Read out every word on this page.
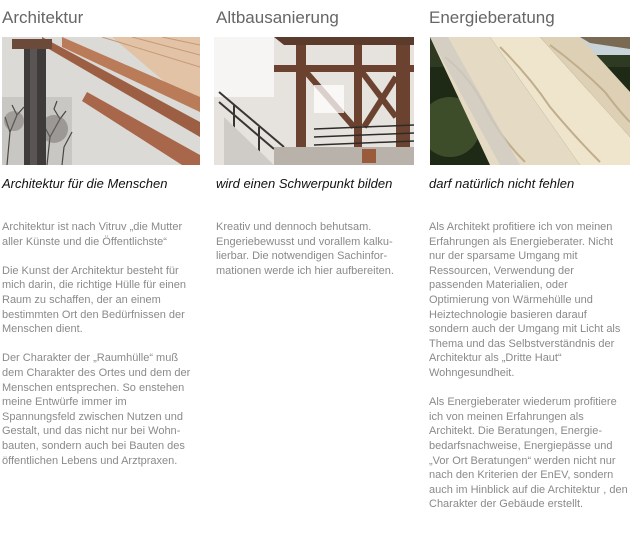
Architektur
Architektur für die Menschen

Architektur ist nach Vitruv „die Mutter aller Künste und die Öffentlichste“

Die Kunst der Architektur besteht für mich darin, die richtige Hülle für einen Raum zu schaffen, der an einem bestimmten Ort den Bedürfnissen der Menschen dient.

Der Charakter der „Raumhülle“ muß dem Charakter des Ortes und dem der Menschen entsprechen. So enstehen meine Entwürfe immer im Spannungsfeld zwischen Nutzen und Gestalt, und das nicht nur bei Wohnbauten, sondern auch bei Bauten des öffentlichen Lebens und Arztpraxen.

Altbausanierung
wird einen Schwerpunkt bilden

Kreativ und dennoch behutsam. Engeriebewusst und vorallem kalkulierbar. Die notwendigen Sachinformationen werde ich hier aufbereiten.

Energieberatung
darf natürlich nicht fehlen

Als Architekt profitiere ich von meinen Erfahrungen als Energieberater. Nicht nur der sparsame Umgang mit Ressourcen, Verwendung der passenden Materialien, oder Optimierung von Wärmehülle und Heiztechnologie basieren darauf sondern auch der Umgang mit Licht als Thema und das Selbstverständnis der Architektur als „Dritte Haut“ Wohngesundheit.

Als Energieberater wiederum profitiere ich von meinen Erfahrungen als Architekt. Die Beratungen, Energiebedarfsnachweise, Energiepässe und „Vor Ort Beratungen“ werden nicht nur nach den Kriterien der EnEV, sondern auch im Hinblick auf die Architektur , den Charakter der Gebäude erstellt.
